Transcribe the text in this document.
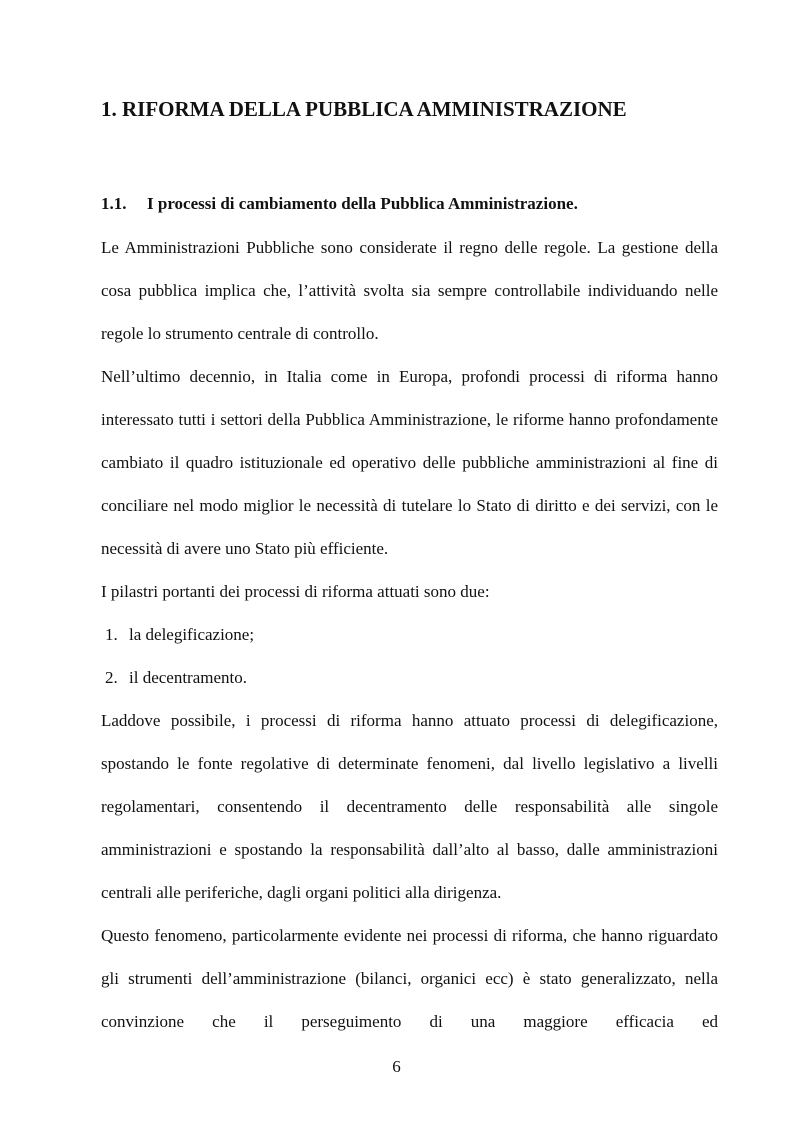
1. RIFORMA DELLA PUBBLICA AMMINISTRAZIONE
1.1. I processi di cambiamento della Pubblica Amministrazione.

Le Amministrazioni Pubbliche sono considerate il regno delle regole. La gestione della cosa pubblica implica che, l’attività svolta sia sempre controllabile individuando nelle regole lo strumento centrale di controllo.

Nell’ultimo decennio, in Italia come in Europa, profondi processi di riforma hanno interessato tutti i settori della Pubblica Amministrazione, le riforme hanno profondamente cambiato il quadro istituzionale ed operativo delle pubbliche amministrazioni al fine di conciliare nel modo miglior le necessità di tutelare lo Stato di diritto e dei servizi, con le necessità di avere uno Stato più efficiente.

I pilastri portanti dei processi di riforma attuati sono due:

1. la delegificazione;
2. il decentramento.

Laddove possibile, i processi di riforma hanno attuato processi di delegificazione, spostando le fonte regolative di determinate fenomeni, dal livello legislativo a livelli regolamentari, consentendo il decentramento delle responsabilità alle singole amministrazioni e spostando la responsabilità dall’alto al basso, dalle amministrazioni centrali alle periferiche, dagli organi politici alla dirigenza.

Questo fenomeno, particolarmente evidente nei processi di riforma, che hanno riguardato gli strumenti dell’amministrazione (bilanci, organici ecc) è stato generalizzato, nella convinzione che il perseguimento di una maggiore efficacia ed

6
